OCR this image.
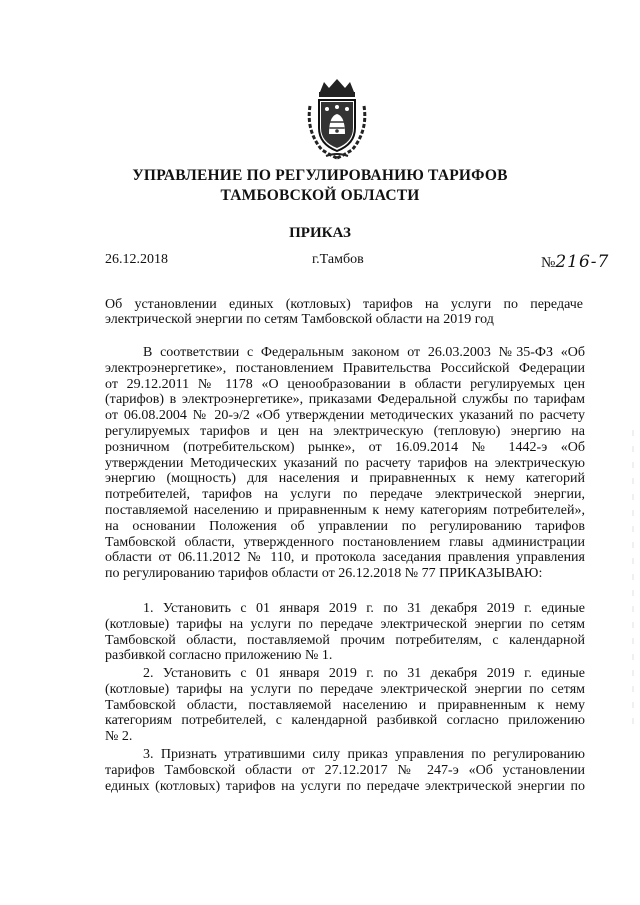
УПРАВЛЕНИЕ ПО РЕГУЛИРОВАНИЮ ТАРИФОВ
ТАМБОВСКОЙ ОБЛАСТИ
ПРИКАЗ
26.12.2018	г.Тамбов	№216-7
Об установлении единых (котловых) тарифов на услуги по передаче
электрической энергии по сетям Тамбовской области на 2019 год
В соответствии с Федеральным законом от 26.03.2003 №35-ФЗ «Об
электроэнергетике», постановлением Правительства Российской Федерации
от 29.12.2011 № 1178 «О ценообразовании в области регулируемых цен
(тарифов) в электроэнергетике», приказами Федеральной службы по тарифам
от 06.08.2004 № 20-э/2 «Об утверждении методических указаний по расчету
регулируемых тарифов и цен на электрическую (тепловую) энергию на
розничном (потребительском) рынке», от 16.09.2014 № 1442-э «Об
утверждении Методических указаний по расчету тарифов на электрическую
энергию (мощность) для населения и приравненных к нему категорий
потребителей, тарифов на услуги по передаче электрической энергии,
поставляемой населению и приравненным к нему категориям потребителей»,
на основании Положения об управлении по регулированию тарифов
Тамбовской области, утвержденного постановлением главы администрации
области от 06.11.2012 № 110, и протокола заседания правления управления
по регулированию тарифов области от 26.12.2018 № 77 ПРИКАЗЫВАЮ:
1. Установить с 01 января 2019 г. по 31 декабря 2019 г. единые
(котловые) тарифы на услуги по передаче электрической энергии по сетям
Тамбовской области, поставляемой прочим потребителям, с календарной
разбивкой согласно приложению № 1.
2. Установить с 01 января 2019 г. по 31 декабря 2019 г. единые
(котловые) тарифы на услуги по передаче электрической энергии по сетям
Тамбовской области, поставляемой населению и приравненным к нему
категориям потребителей, с календарной разбивкой согласно приложению
№ 2.
3. Признать утратившими силу приказ управления по регулированию
тарифов Тамбовской области от 27.12.2017 № 247-э «Об установлении
единых (котловых) тарифов на услуги по передаче электрической энергии по
